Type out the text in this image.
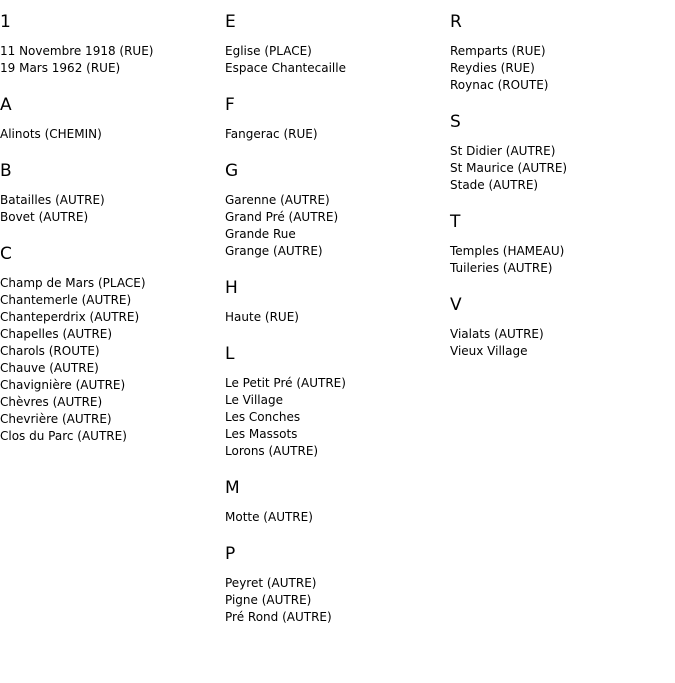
1
11 Novembre 1918 (RUE)
19 Mars 1962 (RUE)
A
Alinots (CHEMIN)
B
Batailles (AUTRE)
Bovet (AUTRE)
C
Champ de Mars (PLACE)
Chantemerle (AUTRE)
Chanteperdrix (AUTRE)
Chapelles (AUTRE)
Charols (ROUTE)
Chauve (AUTRE)
Chavignière (AUTRE)
Chèvres (AUTRE)
Chevrière (AUTRE)
Clos du Parc (AUTRE)
E
Eglise (PLACE)
Espace Chantecaille
F
Fangerac (RUE)
G
Garenne (AUTRE)
Grand Pré (AUTRE)
Grande Rue
Grange (AUTRE)
H
Haute (RUE)
L
Le Petit Pré (AUTRE)
Le Village
Les Conches
Les Massots
Lorons (AUTRE)
M
Motte (AUTRE)
P
Peyret (AUTRE)
Pigne (AUTRE)
Pré Rond (AUTRE)
R
Remparts (RUE)
Reydies (RUE)
Roynac (ROUTE)
S
St Didier (AUTRE)
St Maurice (AUTRE)
Stade (AUTRE)
T
Temples (HAMEAU)
Tuileries (AUTRE)
V
Vialats (AUTRE)
Vieux Village
